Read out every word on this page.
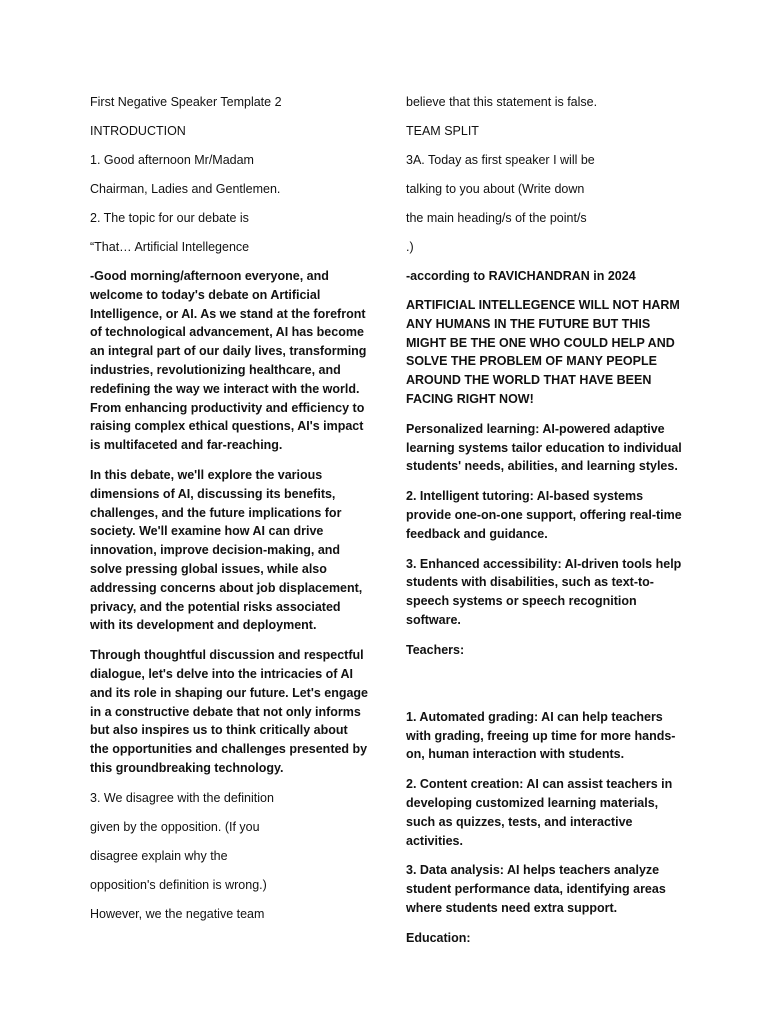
First Negative Speaker Template 2
INTRODUCTION
1. Good afternoon Mr/Madam
Chairman, Ladies and Gentlemen.
2. The topic for our debate is
“That… Artificial Intellegence

-Good morning/afternoon everyone, and welcome to today's debate on Artificial Intelligence, or AI. As we stand at the forefront of technological advancement, AI has become an integral part of our daily lives, transforming industries, revolutionizing healthcare, and redefining the way we interact with the world. From enhancing productivity and efficiency to raising complex ethical questions, AI's impact is multifaceted and far-reaching.

In this debate, we'll explore the various dimensions of AI, discussing its benefits, challenges, and the future implications for society. We'll examine how AI can drive innovation, improve decision-making, and solve pressing global issues, while also addressing concerns about job displacement, privacy, and the potential risks associated with its development and deployment.

Through thoughtful discussion and respectful dialogue, let's delve into the intricacies of AI and its role in shaping our future. Let's engage in a constructive debate that not only informs but also inspires us to think critically about the opportunities and challenges presented by this groundbreaking technology.

3. We disagree with the definition
given by the opposition. (If you
disagree explain why the
opposition's definition is wrong.)
However, we the negative team
believe that this statement is false.
TEAM SPLIT
3A. Today as first speaker I will be
talking to you about (Write down
the main heading/s of the point/s
.)
-according to RAVICHANDRAN in 2024

ARTIFICIAL INTELLEGENCE WILL NOT HARM ANY HUMANS IN THE FUTURE BUT THIS MIGHT BE THE ONE WHO COULD HELP AND SOLVE THE PROBLEM OF MANY PEOPLE AROUND THE WORLD THAT HAVE BEEN FACING RIGHT NOW!

Personalized learning: AI-powered adaptive learning systems tailor education to individual students' needs, abilities, and learning styles.

2. Intelligent tutoring: AI-based systems provide one-on-one support, offering real-time feedback and guidance.

3. Enhanced accessibility: AI-driven tools help students with disabilities, such as text-to-speech systems or speech recognition software.

Teachers:

1. Automated grading: AI can help teachers with grading, freeing up time for more hands-on, human interaction with students.

2. Content creation: AI can assist teachers in developing customized learning materials, such as quizzes, tests, and interactive activities.

3. Data analysis: AI helps teachers analyze student performance data, identifying areas where students need extra support.

Education:
